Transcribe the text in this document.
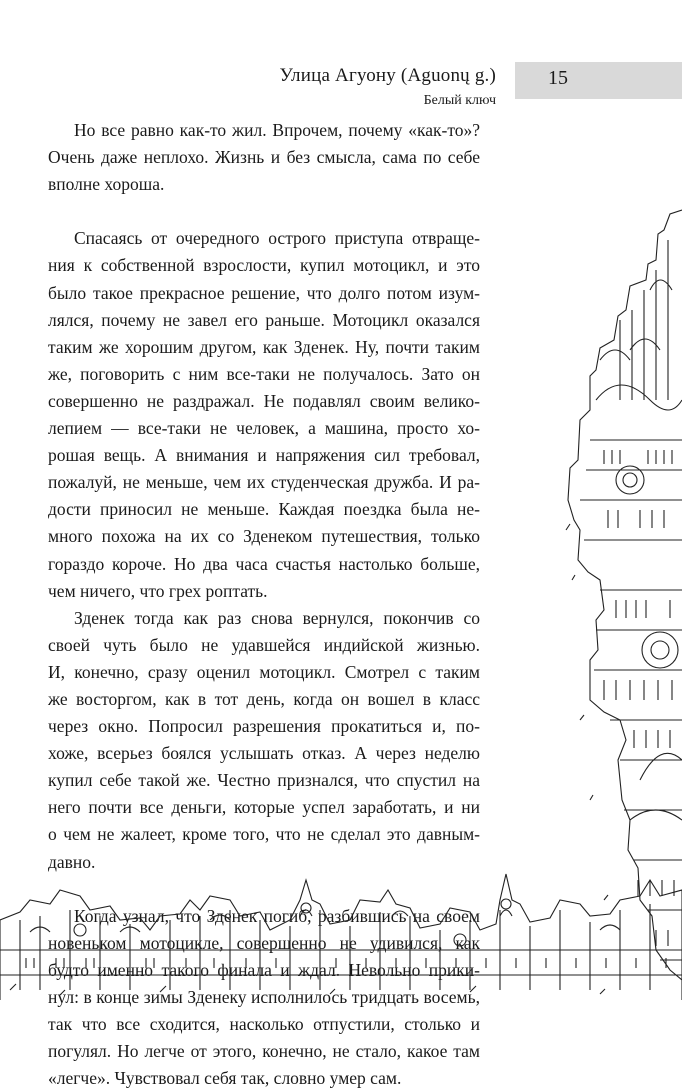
15
Улица Агуону (Aguonų g.)
Белый ключ
Но все равно как-то жил. Впрочем, почему «как-то»?
Очень даже неплохо. Жизнь и без смысла, сама по себе
вполне хороша.
Спасаясь от очередного острого приступа отвраще-
ния к собственной взрослости, купил мотоцикл, и это
было такое прекрасное решение, что долго потом изум-
лялся, почему не завел его раньше. Мотоцикл оказался
таким же хорошим другом, как Зденек. Ну, почти таким
же, поговорить с ним все-таки не получалось. Зато он
совершенно не раздражал. Не подавлял своим велико-
лепием — все-таки не человек, а машина, просто хо-
рошая вещь. А внимания и напряжения сил требовал,
пожалуй, не меньше, чем их студенческая дружба. И ра-
дости приносил не меньше. Каждая поездка была не-
много похожа на их со Зденеком путешествия, только
гораздо короче. Но два часа счастья настолько больше,
чем ничего, что грех роптать.
Зденек тогда как раз снова вернулся, покончив со
своей чуть было не удавшейся индийской жизнью.
И, конечно, сразу оценил мотоцикл. Смотрел с таким
же восторгом, как в тот день, когда он вошел в класс
через окно. Попросил разрешения прокатиться и, по-
хоже, всерьез боялся услышать отказ. А через неделю
купил себе такой же. Честно признался, что спустил на
него почти все деньги, которые успел заработать, и ни
о чем не жалеет, кроме того, что не сделал это давным-
давно.
Когда узнал, что Зденек погиб, разбившись на своем
новеньком мотоцикле, совершенно не удивился, как
будто именно такого финала и ждал. Невольно прики-
нул: в конце зимы Зденеку исполнилось тридцать восемь,
так что все сходится, насколько отпустили, столько и
погулял. Но легче от этого, конечно, не стало, какое там
«легче». Чувствовал себя так, словно умер сам.
